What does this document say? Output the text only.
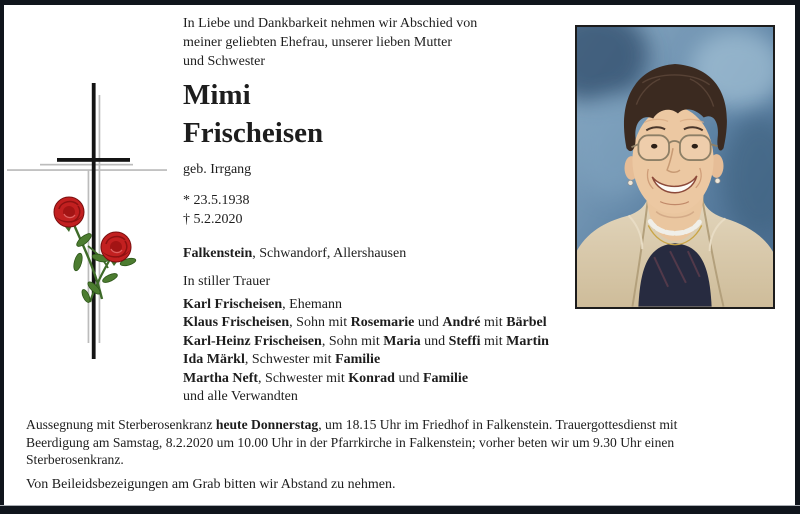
In Liebe und Dankbarkeit nehmen wir Abschied von
meiner geliebten Ehefrau, unserer lieben Mutter
und Schwester
Mimi
Frischeisen
geb. Irrgang
* 23.5.1938
† 5.2.2020
Falkenstein, Schwandorf, Allershausen
In stiller Trauer
Karl Frischeisen, Ehemann
Klaus Frischeisen, Sohn mit Rosemarie und André mit Bärbel
Karl-Heinz Frischeisen, Sohn mit Maria und Steffi mit Martin
Ida Märkl, Schwester mit Familie
Martha Neft, Schwester mit Konrad und Familie
und alle Verwandten
Aussegnung mit Sterberosenkranz heute Donnerstag, um 18.15 Uhr im Friedhof in Falkenstein. Trauergottesdienst mit
Beerdigung am Samstag, 8.2.2020 um 10.00 Uhr in der Pfarrkirche in Falkenstein; vorher beten wir um 9.30 Uhr einen
Sterberosenkranz.
Von Beileidsbezeigungen am Grab bitten wir Abstand zu nehmen.
